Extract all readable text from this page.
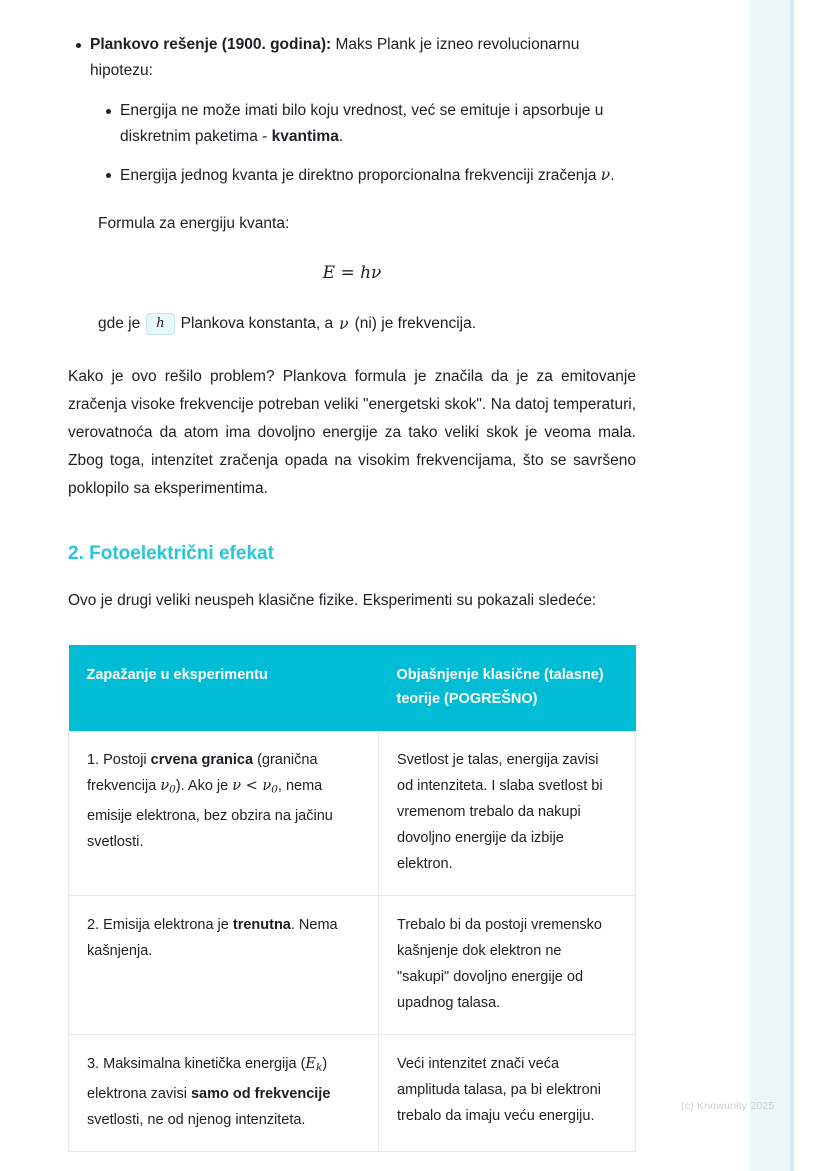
Plankovo rešenje (1900. godina): Maks Plank je izneo revolucionarnu hipotezu:
Energija ne može imati bilo koju vrednost, već se emituje i apsorbuje u diskretnim paketima - kvantima.
Energija jednog kvanta je direktno proporcionalna frekvenciji zračenja ν.
Formula za energiju kvanta:
E = hν
gde je	h	Plankova konstanta, a ν (ni) je frekvencija.

Kako je ovo rešilo problem? Plankova formula je značila da je za emitovanje zračenja visoke frekvencije potreban veliki "energetski skok". Na datoj temperaturi, verovatnoća da atom ima dovoljno energije za tako veliki skok je veoma mala. Zbog toga, intenzitet zračenja opada na visokim frekvencijama, što se savršeno poklopilo sa eksperimentima.

2. Fotoelektrični efekat

Ovo je drugi veliki neuspeh klasične fizike. Eksperimenti su pokazali sledeće:

Zapažanje u eksperimentu	Objašnjenje klasične (talasne) teorije (POGREŠNO)
1. Postoji crvena granica (granična frekvencija $\nu_0$). Ako je $\nu < \nu_0$, nema emisije elektrona, bez obzira na jačinu svetlosti.	Svetlost je talas, energija zavisi od intenziteta. I slaba svetlost bi vremenom trebalo da nakupi dovoljno energije da izbije elektron.
2. Emisija elektrona je trenutna. Nema kašnjenja.	Trebalo bi da postoji vremensko kašnjenje dok elektron ne "sakupi" dovoljno energije od upadnog talasa.
3. Maksimalna kinetička energija $(E_k)$ elektrona zavisi samo od frekvencije svetlosti, ne od njenog intenziteta.	Veći intenzitet znači veća amplituda talasa, pa bi elektroni trebalo da imaju veću energiju.
(c) Knowunity 2025
